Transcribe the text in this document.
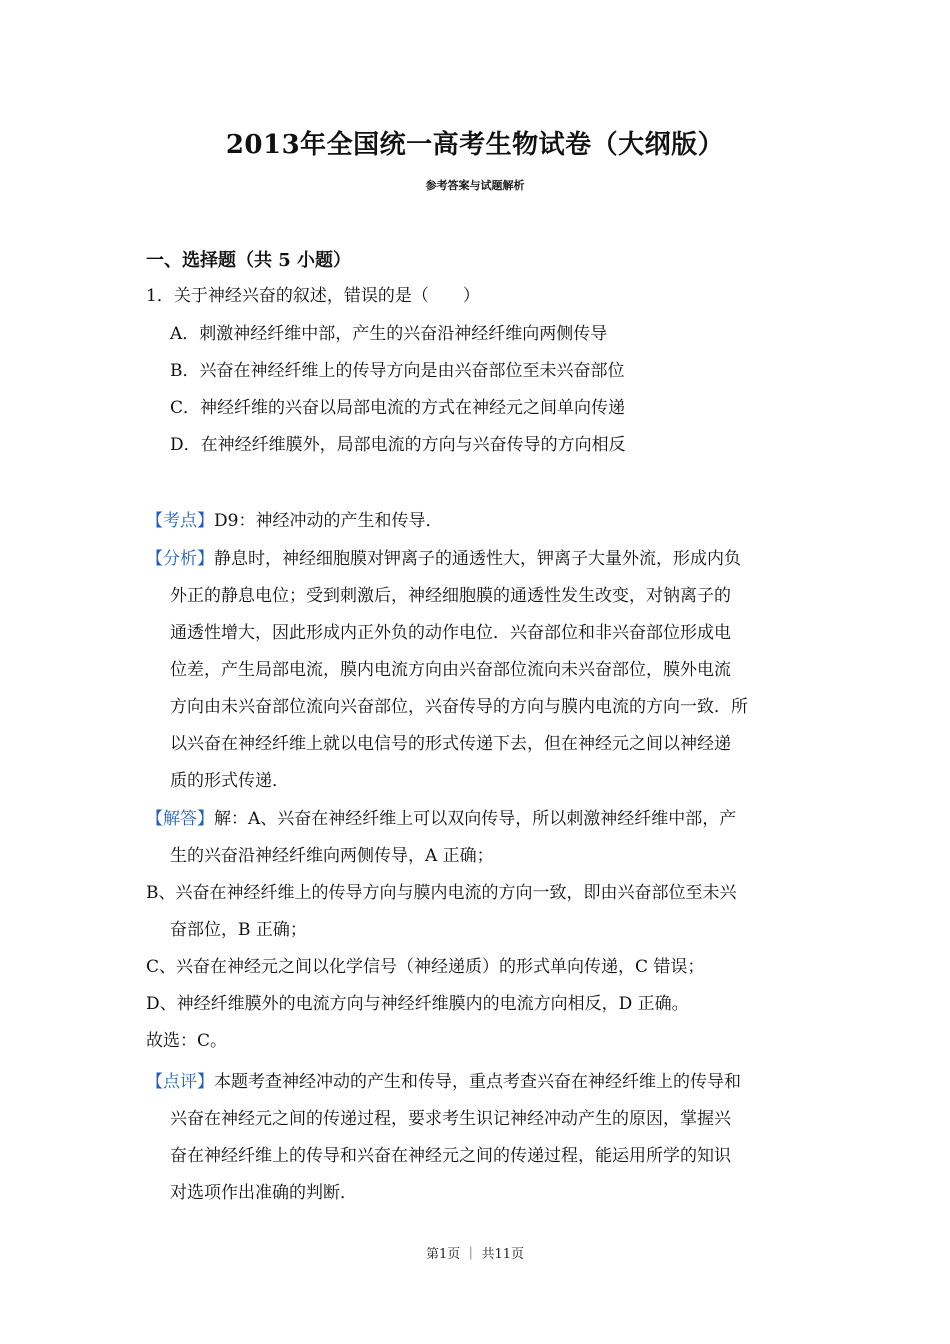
2013年全国统一高考生物试卷（大纲版）
参考答案与试题解析
一、选择题（共 5 小题）
1．关于神经兴奋的叙述，错误的是（　　）
A．刺激神经纤维中部，产生的兴奋沿神经纤维向两侧传导
B．兴奋在神经纤维上的传导方向是由兴奋部位至未兴奋部位
C．神经纤维的兴奋以局部电流的方式在神经元之间单向传递
D．在神经纤维膜外，局部电流的方向与兴奋传导的方向相反
【考点】D9：神经冲动的产生和传导．
【分析】静息时，神经细胞膜对钾离子的通透性大，钾离子大量外流，形成内负
外正的静息电位；受到刺激后，神经细胞膜的通透性发生改变，对钠离子的
通透性增大，因此形成内正外负的动作电位．兴奋部位和非兴奋部位形成电
位差，产生局部电流，膜内电流方向由兴奋部位流向未兴奋部位，膜外电流
方向由未兴奋部位流向兴奋部位，兴奋传导的方向与膜内电流的方向一致．所
以兴奋在神经纤维上就以电信号的形式传递下去，但在神经元之间以神经递
质的形式传递．
【解答】解：A、兴奋在神经纤维上可以双向传导，所以刺激神经纤维中部，产
生的兴奋沿神经纤维向两侧传导，A 正确；
B、兴奋在神经纤维上的传导方向与膜内电流的方向一致，即由兴奋部位至未兴
奋部位，B 正确；
C、兴奋在神经元之间以化学信号（神经递质）的形式单向传递，C 错误；
D、神经纤维膜外的电流方向与神经纤维膜内的电流方向相反，D 正确。
故选：C。
【点评】本题考查神经冲动的产生和传导，重点考查兴奋在神经纤维上的传导和
兴奋在神经元之间的传递过程，要求考生识记神经冲动产生的原因，掌握兴
奋在神经纤维上的传导和兴奋在神经元之间的传递过程，能运用所学的知识
对选项作出准确的判断．
第1页 ｜ 共11页
